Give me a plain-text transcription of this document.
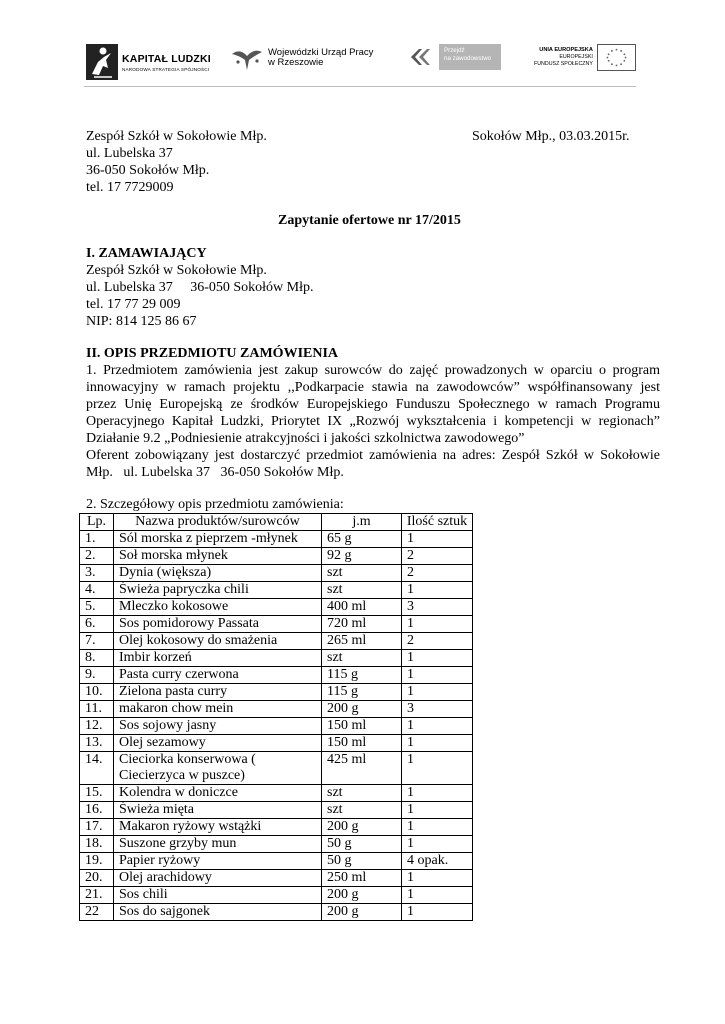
KAPITAŁ LUDZKI
NARODOWA STRATEGIA SPÓJNOŚCI
Wojewódzki Urząd Pracy
w Rzeszowie
Przejdź
na zawodowstwo
UNIA EUROPEJSKA
EUROPEJSKI
FUNDUSZ SPOŁECZNY
Zespół Szkół w Sokołowie Młp.
ul. Lubelska 37
36-050 Sokołów Młp.
tel. 17 7729009
Sokołów Młp., 03.03.2015r.
Zapytanie ofertowe nr 17/2015
I. ZAMAWIAJĄCY
Zespół Szkół w Sokołowie Młp.
ul. Lubelska 37     36-050 Sokołów Młp.
tel. 17 77 29 009
NIP: 814 125 86 67
II. OPIS PRZEDMIOTU ZAMÓWIENIA
1. Przedmiotem zamówienia jest zakup surowców do zajęć prowadzonych w oparciu o program
innowacyjny w ramach projektu ,,Podkarpacie stawia na zawodowców” współfinansowany jest
przez Unię Europejską ze środków Europejskiego Funduszu Społecznego w ramach Programu
Operacyjnego Kapitał Ludzki, Priorytet IX „Rozwój wykształcenia i kompetencji w regionach”
Działanie 9.2 „Podniesienie atrakcyjności i jakości szkolnictwa zawodowego”
Oferent zobowiązany jest dostarczyć przedmiot zamówienia na adres: Zespół Szkół w Sokołowie
Młp.   ul. Lubelska 37   36-050 Sokołów Młp.
2. Szczegółowy opis przedmiotu zamówienia:
Lp.	Nazwa produktów/surowców	j.m	Ilość sztuk
1.	Sól morska z pieprzem -młynek	65 g	1
2.	Soł morska młynek	92 g	2
3.	Dynia (większa)	szt	2
4.	Świeża papryczka chili	szt	1
5.	Mleczko kokosowe	400 ml	3
6.	Sos pomidorowy Passata	720 ml	1
7.	Olej kokosowy do smażenia	265 ml	2
8.	Imbir korzeń	szt	1
9.	Pasta curry czerwona	115 g	1
10.	Zielona pasta curry	115 g	1
11.	makaron chow mein	200 g	3
12.	Sos sojowy jasny	150 ml	1
13.	Olej sezamowy	150 ml	1
14.	Cieciorka konserwowa (
Ciecierzyca w puszce)	425 ml	1
15.	Kolendra w doniczce	szt	1
16.	Świeża mięta	szt	1
17.	Makaron ryżowy wstążki	200 g	1
18.	Suszone grzyby mun	50 g	1
19.	Papier ryżowy	50 g	4 opak.
20.	Olej arachidowy	250 ml	1
21.	Sos chili	200 g	1
22	Sos do sajgonek	200 g	1
